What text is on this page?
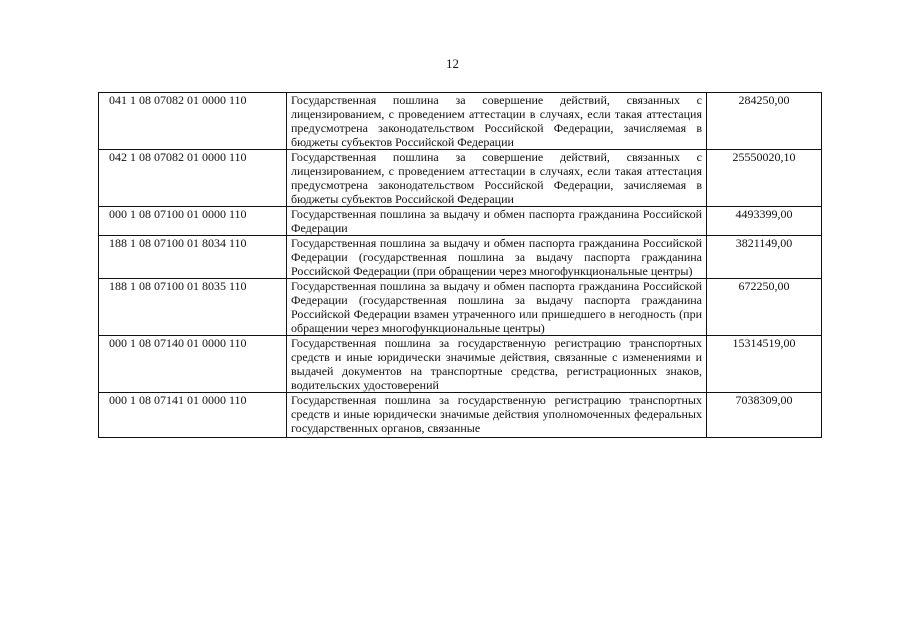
12
041 1 08 07082 01 0000 110	Государственная пошлина за совершение действий, связанных с лицензированием, с проведением аттестации в случаях, если такая аттестация предусмотрена законодательством Российской Федерации, зачисляемая в бюджеты субъектов Российской Федерации	284250,00
042 1 08 07082 01 0000 110	Государственная пошлина за совершение действий, связанных с лицензированием, с проведением аттестации в случаях, если такая аттестация предусмотрена законодательством Российской Федерации, зачисляемая в бюджеты субъектов Российской Федерации	25550020,10
000 1 08 07100 01 0000 110	Государственная пошлина за выдачу и обмен паспорта гражданина Российской Федерации	4493399,00
188 1 08 07100 01 8034 110	Государственная пошлина за выдачу и обмен паспорта гражданина Российской Федерации (государственная пошлина за выдачу паспорта гражданина Российской Федерации (при обращении через многофункциональные центры)	3821149,00
188 1 08 07100 01 8035 110	Государственная пошлина за выдачу и обмен паспорта гражданина Российской Федерации (государственная пошлина за выдачу паспорта гражданина Российской Федерации взамен утраченного или пришедшего в негодность (при обращении через многофункциональные центры)	672250,00
000 1 08 07140 01 0000 110	Государственная пошлина за государственную регистрацию транспортных средств и иные юридически значимые действия, связанные с изменениями и выдачей документов на транспортные средства, регистрационных знаков, водительских удостоверений	15314519,00
000 1 08 07141 01 0000 110	Государственная пошлина за государственную регистрацию транспортных средств и иные юридически значимые действия уполномоченных федеральных государственных органов, связанные	7038309,00
